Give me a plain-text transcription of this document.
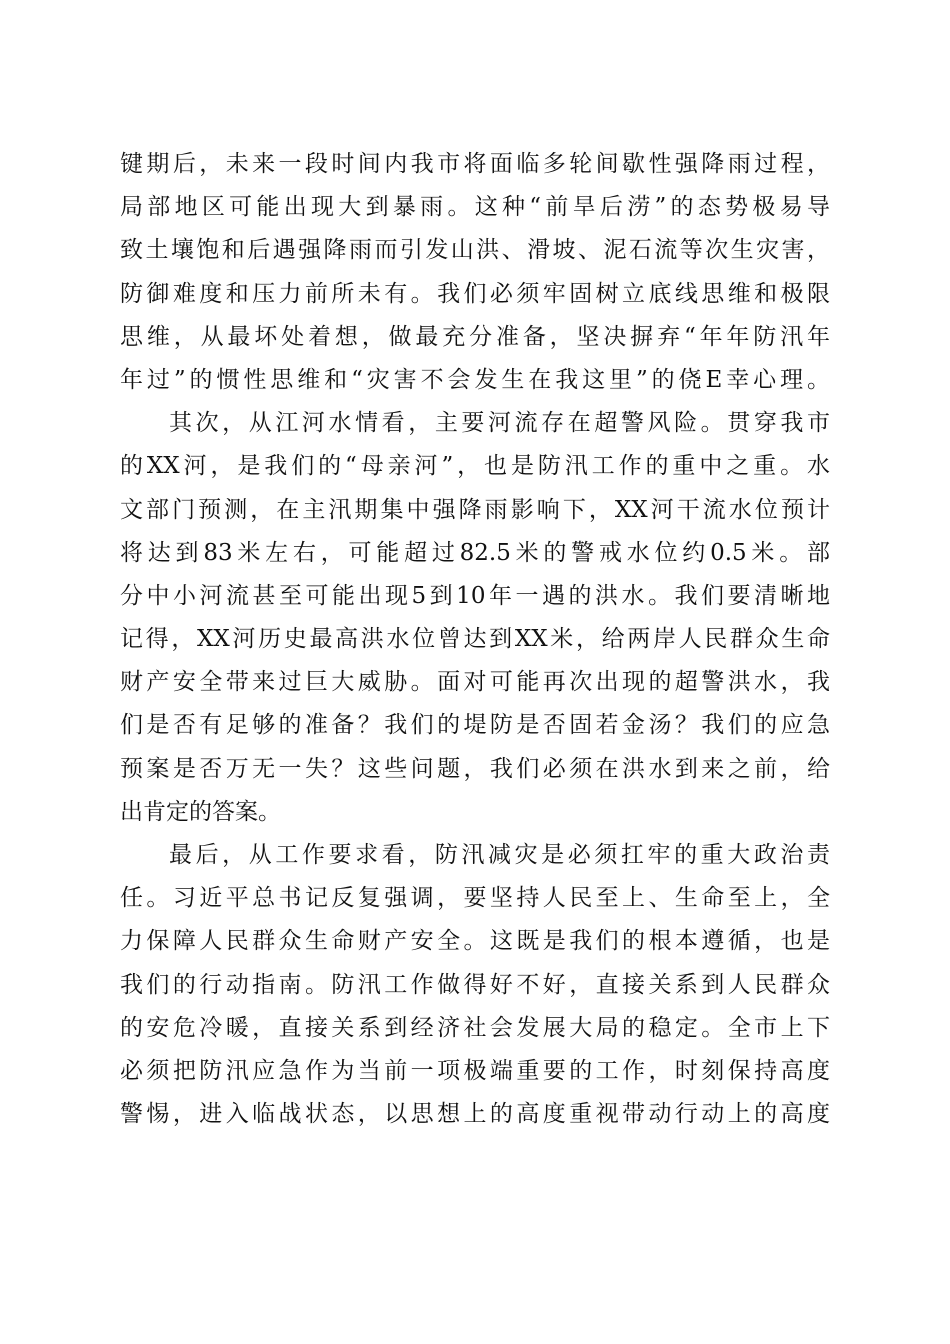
键期后，未来一段时间内我市将面临多轮间歇性强降雨过程，
局部地区可能出现大到暴雨。这种“前旱后涝”的态势极易导
致土壤饱和后遇强降雨而引发山洪、滑坡、泥石流等次生灾害，
防御难度和压力前所未有。我们必须牢固树立底线思维和极限
思维，从最坏处着想，做最充分准备，坚决摒弃“年年防汛年
年过”的惯性思维和“灾害不会发生在我这里”的侥E幸心理。
其次，从江河水情看，主要河流存在超警风险。贯穿我市
的XX河，是我们的“母亲河”，也是防汛工作的重中之重。水
文部门预测，在主汛期集中强降雨影响下，XX河干流水位预计
将达到83米左右，可能超过82.5米的警戒水位约0.5米。部
分中小河流甚至可能出现5到10年一遇的洪水。我们要清晰地
记得，XX河历史最高洪水位曾达到XX米，给两岸人民群众生命
财产安全带来过巨大威胁。面对可能再次出现的超警洪水，我
们是否有足够的准备？我们的堤防是否固若金汤？我们的应急
预案是否万无一失？这些问题，我们必须在洪水到来之前，给
出肯定的答案。
最后，从工作要求看，防汛减灾是必须扛牢的重大政治责
任。习近平总书记反复强调，要坚持人民至上、生命至上，全
力保障人民群众生命财产安全。这既是我们的根本遵循，也是
我们的行动指南。防汛工作做得好不好，直接关系到人民群众
的安危冷暖，直接关系到经济社会发展大局的稳定。全市上下
必须把防汛应急作为当前一项极端重要的工作，时刻保持高度
警惕，进入临战状态，以思想上的高度重视带动行动上的高度
